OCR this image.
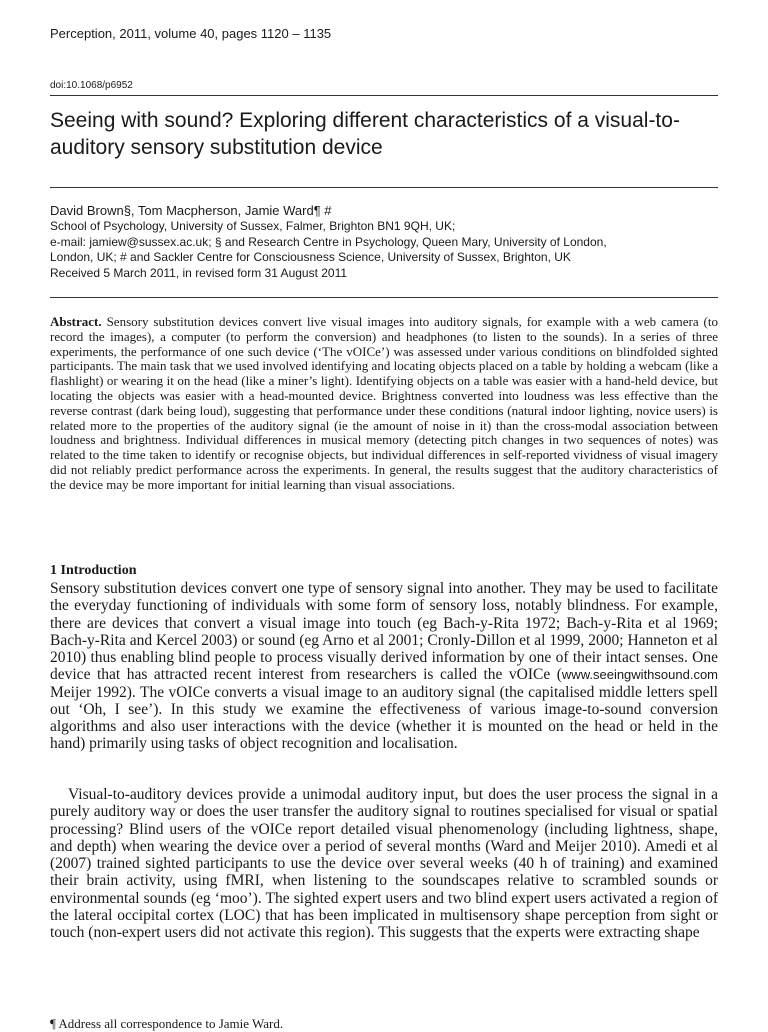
Perception, 2011, volume 40, pages 1120 – 1135
doi:10.1068/p6952
Seeing with sound? Exploring different characteristics of a visual-to-auditory sensory substitution device
David Brown§, Tom Macpherson, Jamie Ward¶ #
School of Psychology, University of Sussex, Falmer, Brighton BN1 9QH, UK;
e-mail: jamiew@sussex.ac.uk; § and Research Centre in Psychology, Queen Mary, University of London,
London, UK; # and Sackler Centre for Consciousness Science, University of Sussex, Brighton, UK
Received 5 March 2011, in revised form 31 August 2011
Abstract. Sensory substitution devices convert live visual images into auditory signals, for example with a web camera (to record the images), a computer (to perform the conversion) and headphones (to listen to the sounds). In a series of three experiments, the performance of one such device (‘The vOICe’) was assessed under various conditions on blindfolded sighted participants. The main task that we used involved identifying and locating objects placed on a table by holding a webcam (like a flashlight) or wearing it on the head (like a miner’s light). Identifying objects on a table was easier with a hand-held device, but locating the objects was easier with a head-mounted device. Brightness converted into loudness was less effective than the reverse contrast (dark being loud), suggesting that performance under these conditions (natural indoor lighting, novice users) is related more to the properties of the auditory signal (ie the amount of noise in it) than the cross-modal association between loudness and brightness. Individual differences in musical memory (detecting pitch changes in two sequences of notes) was related to the time taken to identify or recognise objects, but individual differences in self-reported vividness of visual imagery did not reliably predict performance across the experiments. In general, the results suggest that the auditory characteristics of the device may be more important for initial learning than visual associations.
1 Introduction

Sensory substitution devices convert one type of sensory signal into another. They may be used to facilitate the everyday functioning of individuals with some form of sensory loss, notably blindness. For example, there are devices that convert a visual image into touch (eg Bach-y-Rita 1972; Bach-y-Rita et al 1969; Bach-y-Rita and Kercel 2003) or sound (eg Arno et al 2001; Cronly-Dillon et al 1999, 2000; Hanneton et al 2010) thus enabling blind people to process visually derived information by one of their intact senses. One device that has attracted recent interest from researchers is called the vOICe (www.seeingwithsound.com Meijer 1992). The vOICe converts a visual image to an auditory signal (the capitalised middle letters spell out ‘Oh, I see’). In this study we examine the effectiveness of various image-to-sound conversion algorithms and also user interactions with the device (whether it is mounted on the head or held in the hand) primarily using tasks of object recognition and localisation.

Visual-to-auditory devices provide a unimodal auditory input, but does the user process the signal in a purely auditory way or does the user transfer the auditory signal to routines specialised for visual or spatial processing? Blind users of the vOICe report detailed visual phenomenology (including lightness, shape, and depth) when wearing the device over a period of several months (Ward and Meijer 2010). Amedi et al (2007) trained sighted participants to use the device over several weeks (40 h of training) and examined their brain activity, using fMRI, when listening to the soundscapes relative to scrambled sounds or environmental sounds (eg ‘moo’). The sighted expert users and two blind expert users activated a region of the lateral occipital cortex (LOC) that has been implicated in multisensory shape perception from sight or touch (non-expert users did not activate this region). This suggests that the experts were extracting shape

¶ Address all correspondence to Jamie Ward.
